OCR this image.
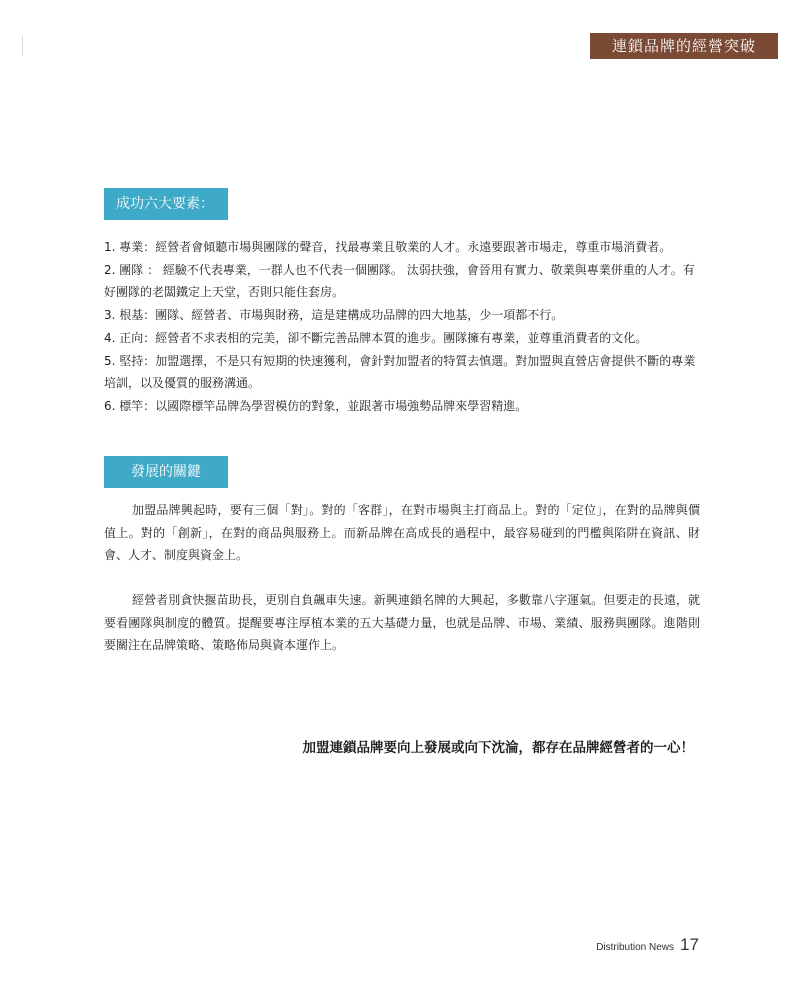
連鎖品牌的經營突破
成功六大要素：

1. 專業：經營者會傾聽市場與團隊的聲音，找最專業且敬業的人才。永遠要跟著市場走，尊重市場消費者。

2. 團隊 ： 經驗不代表專業，一群人也不代表一個團隊。 汰弱扶強，會晉用有實力、敬業與專業併重的人才。有好團隊的老闆鐵定上天堂，否則只能住套房。

3. 根基：團隊、經營者、市場與財務，這是建構成功品牌的四大地基，少一項都不行。

4. 正向：經營者不求表相的完美，卻不斷完善品牌本質的進步。團隊擁有專業，並尊重消費者的文化。

5. 堅持：加盟選擇，不是只有短期的快速獲利，會針對加盟者的特質去慎選。對加盟與直營店會提供不斷的專業培訓，以及優質的服務溝通。

6. 標竿：以國際標竿品牌為學習模仿的對象，並跟著市場強勢品牌來學習精進。

發展的關鍵

加盟品牌興起時，要有三個「對」。對的「客群」，在對市場與主打商品上。對的「定位」，在對的品牌與價值上。對的「創新」，在對的商品與服務上。而新品牌在高成長的過程中，最容易碰到的門檻與陷阱在資訊、財會、人才、制度與資金上。

經營者別貪快揠苗助長，更別自負飆車失速。新興連鎖名牌的大興起，多數靠八字運氣。但要走的長遠，就要看團隊與制度的體質。提醒要專注厚植本業的五大基礎力量，也就是品牌、市場、業績、服務與團隊。進階則要關注在品牌策略、策略佈局與資本運作上。

加盟連鎖品牌要向上發展或向下沈淪，都存在品牌經營者的一心！
Distribution News 17
